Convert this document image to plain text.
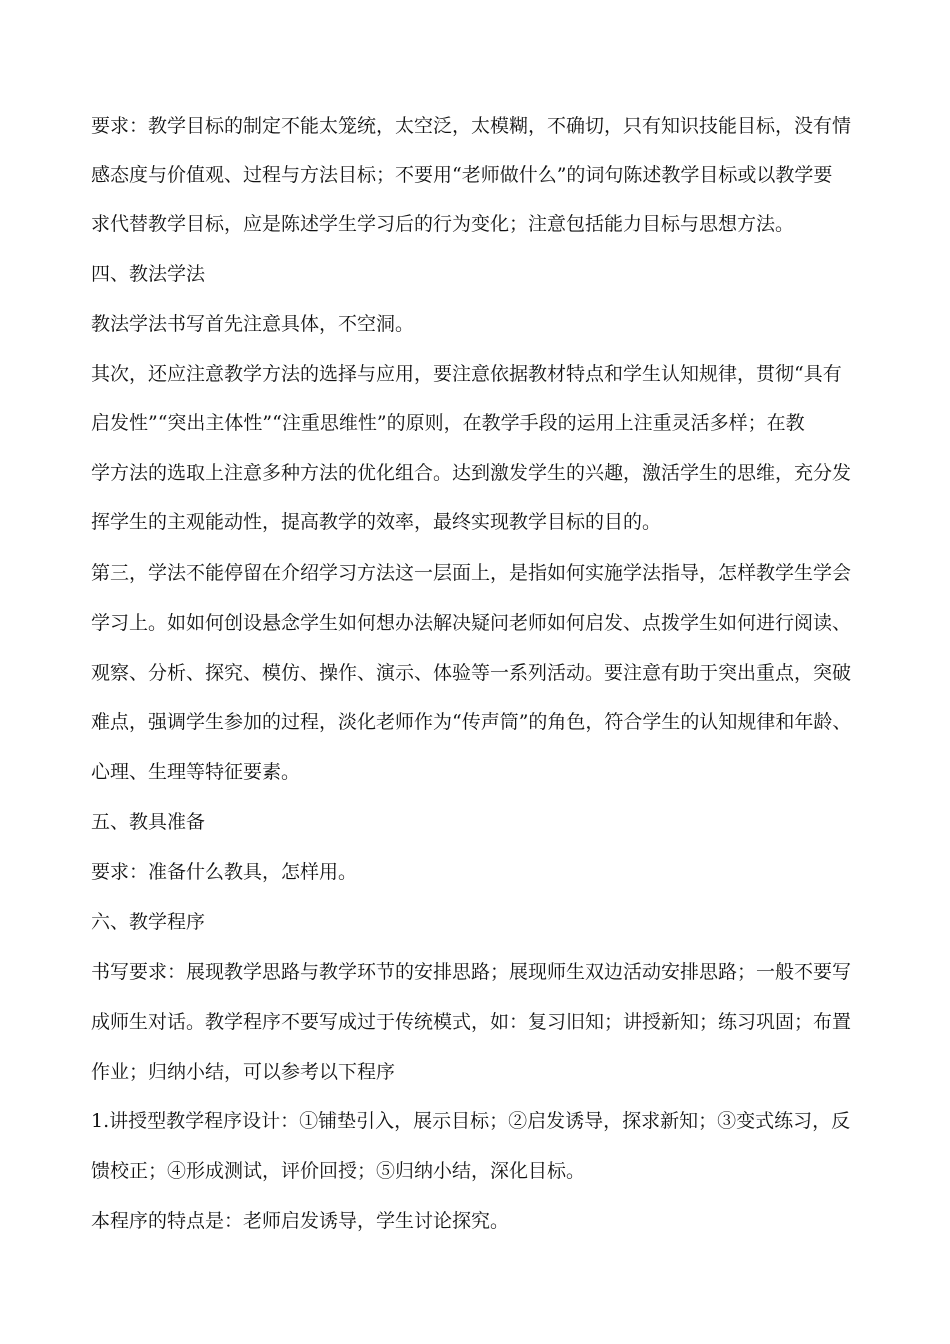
要求：教学目标的制定不能太笼统，太空泛，太模糊，不确切，只有知识技能目标，没有情

感态度与价值观、过程与方法目标；不要用“老师做什么”的词句陈述教学目标或以教学要

求代替教学目标，应是陈述学生学习后的行为变化；注意包括能力目标与思想方法。

四、教法学法

教法学法书写首先注意具体，不空洞。

其次，还应注意教学方法的选择与应用，要注意依据教材特点和学生认知规律，贯彻“具有

启发性”“突出主体性”“注重思维性”的原则，在教学手段的运用上注重灵活多样；在教

学方法的选取上注意多种方法的优化组合。达到激发学生的兴趣，激活学生的思维，充分发

挥学生的主观能动性，提高教学的效率，最终实现教学目标的目的。

第三，学法不能停留在介绍学习方法这一层面上，是指如何实施学法指导，怎样教学生学会

学习上。如如何创设悬念学生如何想办法解决疑问老师如何启发、点拨学生如何进行阅读、

观察、分析、探究、模仿、操作、演示、体验等一系列活动。要注意有助于突出重点，突破

难点，强调学生参加的过程，淡化老师作为“传声筒”的角色，符合学生的认知规律和年龄、

心理、生理等特征要素。

五、教具准备

要求：准备什么教具，怎样用。

六、教学程序

书写要求：展现教学思路与教学环节的安排思路；展现师生双边活动安排思路；一般不要写

成师生对话。教学程序不要写成过于传统模式，如：复习旧知；讲授新知；练习巩固；布置

作业；归纳小结，可以参考以下程序

1.讲授型教学程序设计：①铺垫引入，展示目标；②启发诱导，探求新知；③变式练习，反

馈校正；④形成测试，评价回授；⑤归纳小结，深化目标。

本程序的特点是：老师启发诱导，学生讨论探究。
